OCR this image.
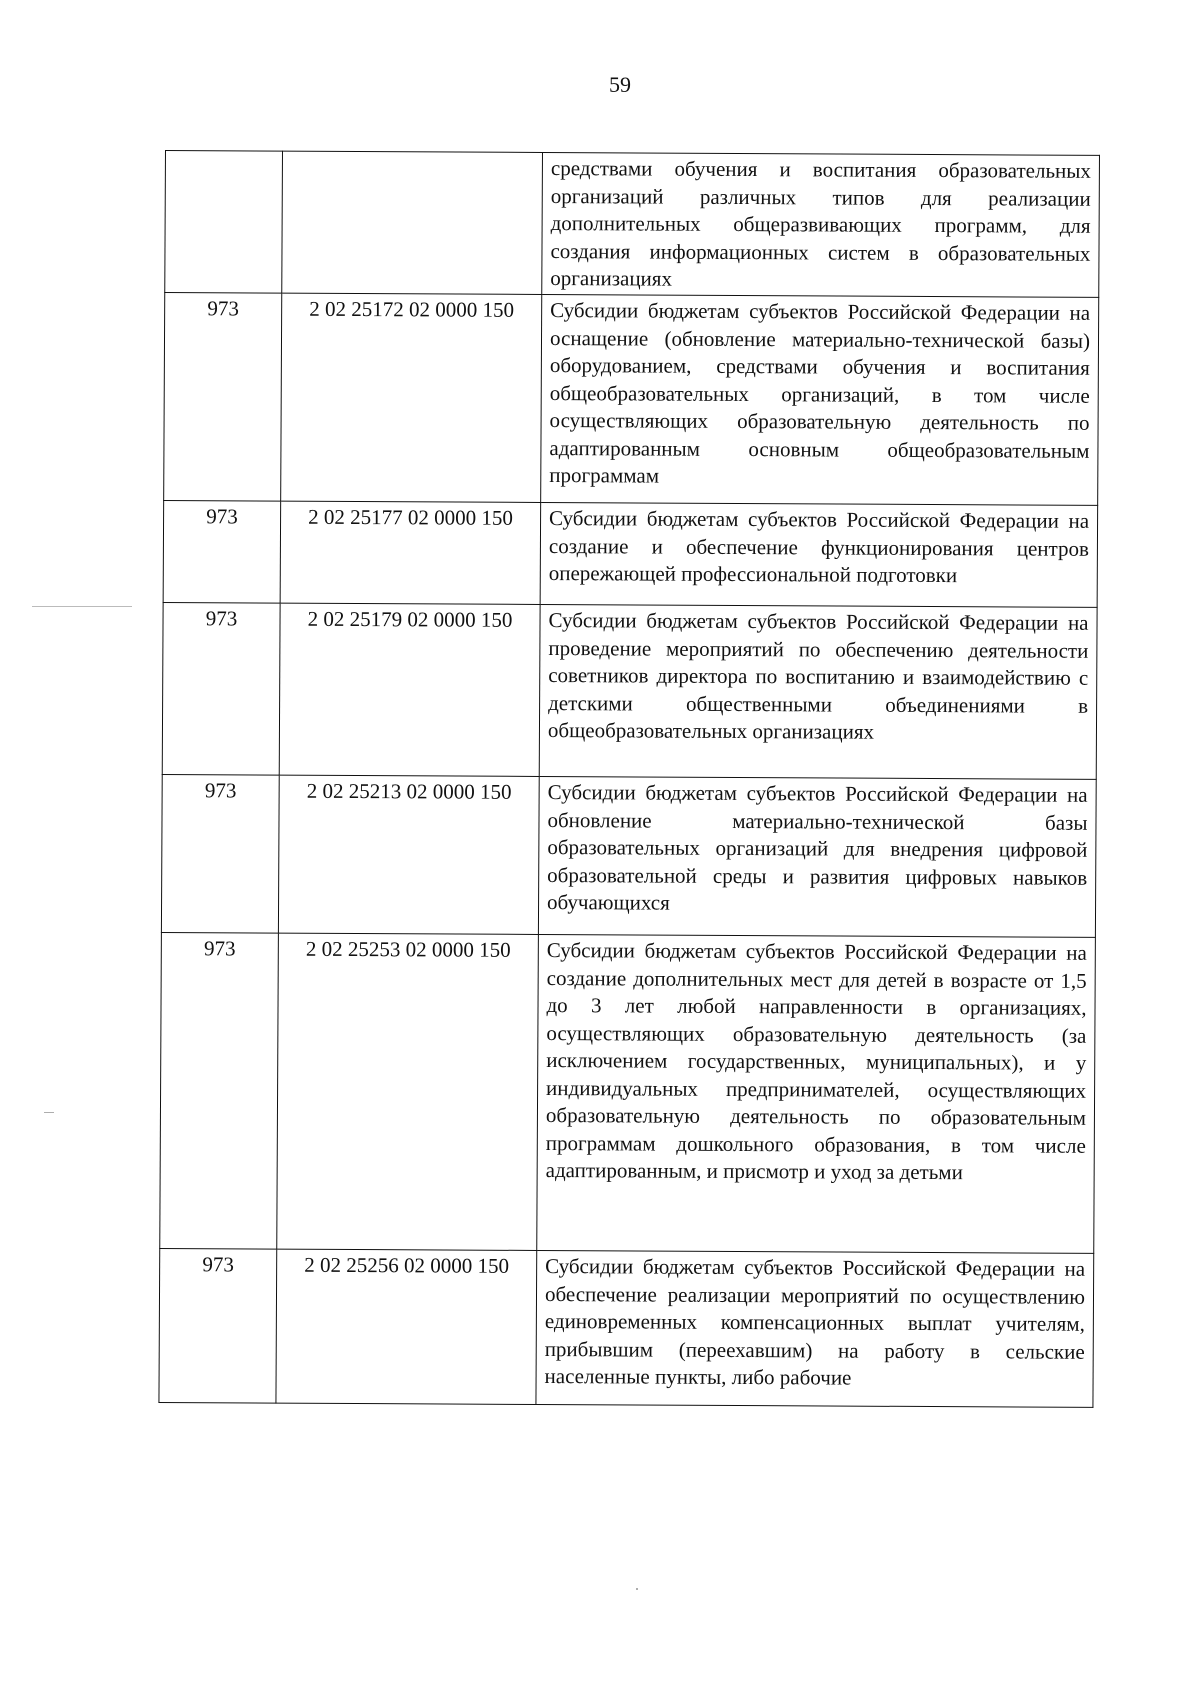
59

		средствами обучения и воспитания образовательных организаций различных типов для реализации дополнительных общеразвивающих программ, для создания информационных систем в образовательных организациях

973	2 02 25172 02 0000 150	Субсидии бюджетам субъектов Российской Федерации на оснащение (обновление материально-технической базы) оборудованием, средствами обучения и воспитания общеобразовательных организаций, в том числе осуществляющих образовательную деятельность по адаптированным основным общеобразовательным программам

973	2 02 25177 02 0000 150	Субсидии бюджетам субъектов Российской Федерации на создание и обеспечение функционирования центров опережающей профессиональной подготовки

973	2 02 25179 02 0000 150	Субсидии бюджетам субъектов Российской Федерации на проведение мероприятий по обеспечению деятельности советников директора по воспитанию и взаимодействию с детскими общественными объединениями в общеобразовательных организациях

973	2 02 25213 02 0000 150	Субсидии бюджетам субъектов Российской Федерации на обновление материально-технической базы образовательных организаций для внедрения цифровой образовательной среды и развития цифровых навыков обучающихся

973	2 02 25253 02 0000 150	Субсидии бюджетам субъектов Российской Федерации на создание дополнительных мест для детей в возрасте от 1,5 до 3 лет любой направленности в организациях, осуществляющих образовательную деятельность (за исключением государственных, муниципальных), и у индивидуальных предпринимателей, осуществляющих образовательную деятельность по образовательным программам дошкольного образования, в том числе адаптированным, и присмотр и уход за детьми

973	2 02 25256 02 0000 150	Субсидии бюджетам субъектов Российской Федерации на обеспечение реализации мероприятий по осуществлению единовременных компенсационных выплат учителям, прибывшим (переехавшим) на работу в сельские населенные пункты, либо рабочие
